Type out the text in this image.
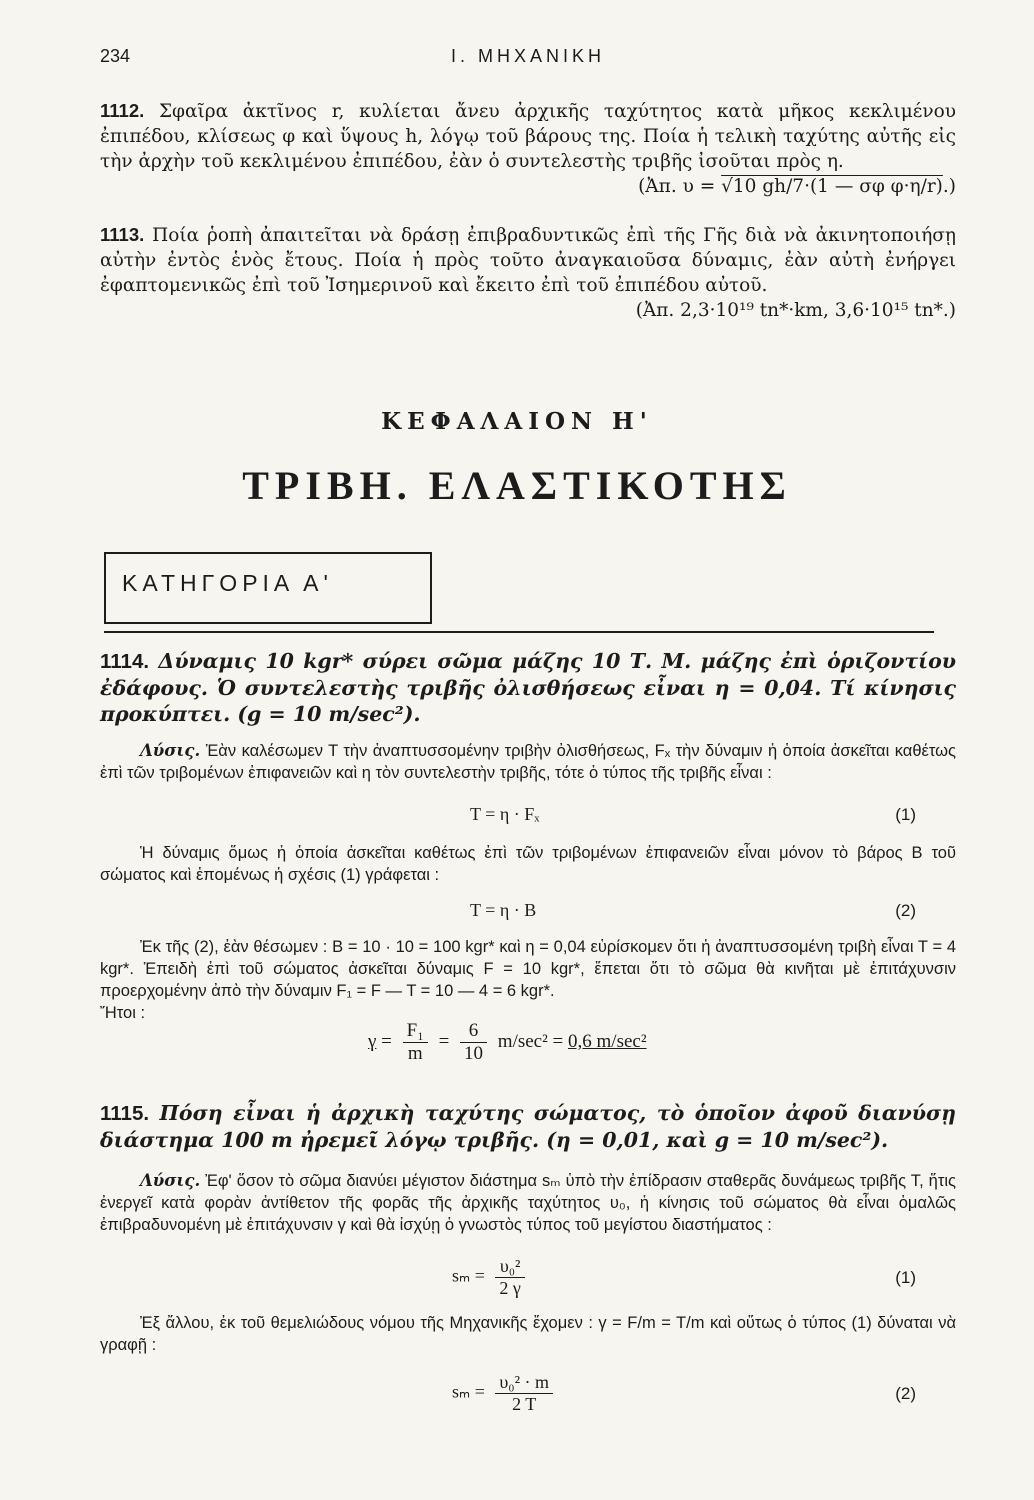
234	Ι. ΜΗΧΑΝΙΚΗ

1112. Σφαῖρα ἀκτῖνος r, κυλίεται ἄνευ ἀρχικῆς ταχύτητος κατὰ μῆκος κεκλιμένου ἐπιπέδου, κλίσεως φ καὶ ὕψους h, λόγῳ τοῦ βάρους της. Ποία ἡ τελικὴ ταχύτης αὐτῆς εἰς τὴν ἀρχὴν τοῦ κεκλιμένου ἐπιπέδου, ἐὰν ὁ συντελεστὴς τριβῆς ἰσοῦται πρὸς η.

(Ἀπ. υ = √10 gh/7·(1 — σφ φ·η/r).)

1113. Ποία ῥοπὴ ἀπαιτεῖται νὰ δράσῃ ἐπιβραδυντικῶς ἐπὶ τῆς Γῆς διὰ νὰ ἀκινητοποιήσῃ αὐτὴν ἐντὸς ἑνὸς ἔτους. Ποία ἡ πρὸς τοῦτο ἀναγκαιοῦσα δύναμις, ἐὰν αὐτὴ ἐνήργει ἐφαπτομενικῶς ἐπὶ τοῦ Ἰσημερινοῦ καὶ ἔκειτο ἐπὶ τοῦ ἐπιπέδου αὐτοῦ.

(Ἀπ. 2,3·10¹⁹ tn*·km, 3,6·10¹⁵ tn*.)

ΚΕΦΑΛΑΙΟΝ Η'
ΤΡΙΒΗ. ΕΛΑΣΤΙΚΟΤΗΣ
ΚΑΤΗΓΟΡΙΑ Α'
1114. Δύναμις 10 kgr* σύρει σῶμα μάζης 10 Τ. Μ. μάζης ἐπὶ ὁριζοντίου ἐδάφους. Ὁ συντελεστὴς τριβῆς ὀλισθήσεως εἶναι η = 0,04. Τί κίνησις προκύπτει. (g = 10 m/sec²).

Λύσις. Ἐὰν καλέσωμεν Τ τὴν ἀναπτυσσομένην τριβὴν ὀλισθήσεως, Fₓ τὴν δύναμιν ἡ ὁποία ἀσκεῖται καθέτως ἐπὶ τῶν τριβομένων ἐπιφανειῶν καὶ η τὸν συντελεστὴν τριβῆς, τότε ὁ τύπος τῆς τριβῆς εἶναι :

T = η · Fₓ	(1)

Ἡ δύναμις ὅμως ἡ ὁποία ἀσκεῖται καθέτως ἐπὶ τῶν τριβομένων ἐπιφανειῶν εἶναι μόνον τὸ βάρος Β τοῦ σώματος καὶ ἑπομένως ἡ σχέσις (1) γράφεται :

T = η · B	(2)

Ἐκ τῆς (2), ἐὰν θέσωμεν : Β = 10 · 10 = 100 kgr* καὶ η = 0,04 εὑρίσκομεν ὅτι ἡ ἀναπτυσσομένη τριβὴ εἶναι Τ = 4 kgr*. Ἐπειδὴ ἐπὶ τοῦ σώματος ἀσκεῖται δύναμις F = 10 kgr*, ἕπεται ὅτι τὸ σῶμα θὰ κινῆται μὲ ἐπιτάχυνσιν προερχομένην ἀπὸ τὴν δύναμιν F₁ = F — T = 10 — 4 = 6 kgr*.

Ἤτοι :

$\gamma = \frac{\text{F₁}}{m} = \frac{6}{10} m/\sec^2 = 0,6$ m/sec²
1115. Πόση εἶναι ἡ ἀρχικὴ ταχύτης σώματος, τὸ ὁποῖον ἀφοῦ διανύσῃ διάστημα 100 m ἠρεμεῖ λόγῳ τριβῆς. (η = 0,01, καὶ g = 10 m/sec²).

Λύσις. Ἐφ' ὅσον τὸ σῶμα διανύει μέγιστον διάστημα sₘ ὑπὸ τὴν ἐπίδρασιν σταθερᾶς δυνάμεως τριβῆς Τ, ἥτις ἐνεργεῖ κατὰ φορὰν ἀντίθετον τῆς φορᾶς τῆς ἀρχικῆς ταχύτητος υ₀, ἡ κίνησις τοῦ σώματος θὰ εἶναι ὁμαλῶς ἐπιβραδυνομένη μὲ ἐπιτάχυνσιν γ καὶ θὰ ἰσχύῃ ὁ γνωστὸς τύπος τοῦ μεγίστου διαστήματος :

$s_m = \frac{\text{υ₀²}}{2 \gamma}$	(1)

Ἐξ ἄλλου, ἐκ τοῦ θεμελιώδους νόμου τῆς Μηχανικῆς ἔχομεν : γ = F/m = T/m καὶ οὕτως ὁ τύπος (1) δύναται νὰ γραφῇ :

$s_m = \frac{\text{υ₀² · m}}{2 T}$	(2)
